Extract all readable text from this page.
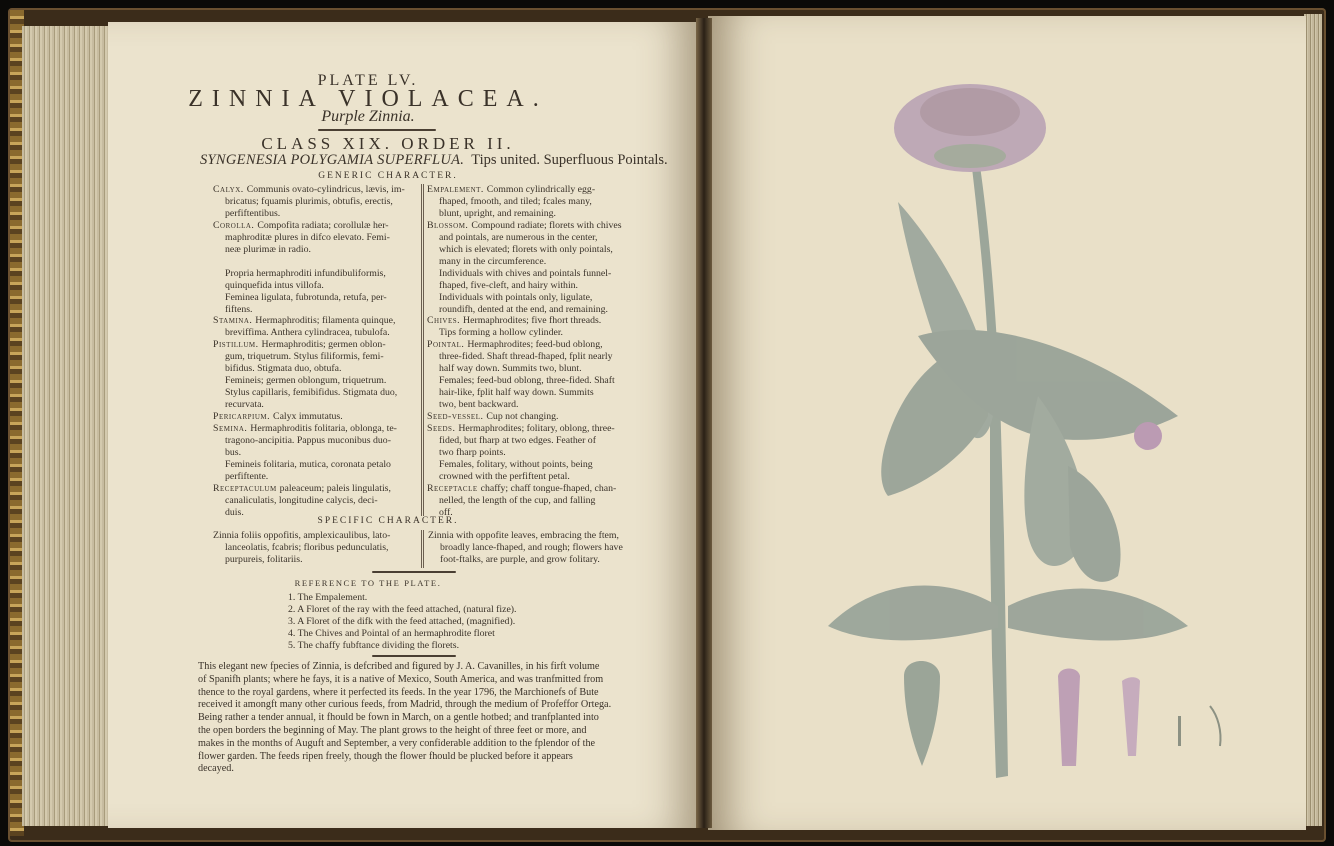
PLATE LV.
ZINNIA VIOLACEA.
Purple Zinnia.
CLASS XIX. ORDER II.
SYNGENESIA POLYGAMIA SUPERFLUA. Tips united. Superfluous Pointals.
GENERIC CHARACTER.

Calyx. Communis ovato-cylindricus, lævis, im-

bricatus; fquamis plurimis, obtufis, erectis,

perfiftentibus.

Corolla. Compofita radiata; corollulæ her-

maphroditæ plures in difco elevato. Femi-

neæ plurimæ in radio.

Propria hermaphroditi infundibuliformis,

quinquefida intus villofa.

Feminea ligulata, fubrotunda, retufa, per-

fiftens.

Stamina. Hermaphroditis; filamenta quinque,

breviffima. Anthera cylindracea, tubulofa.

Pistillum. Hermaphroditis; germen oblon-

gum, triquetrum. Stylus filiformis, femi-

bifidus. Stigmata duo, obtufa.

Femineis; germen oblongum, triquetrum.

Stylus capillaris, femibifidus. Stigmata duo,

recurvata.

Pericarpium. Calyx immutatus.

Semina. Hermaphroditis folitaria, oblonga, te-

tragono-ancipitia. Pappus muconibus duo-

bus.

Femineis folitaria, mutica, coronata petalo

perfiftente.

Receptaculum paleaceum; paleis lingulatis,

canaliculatis, longitudine calycis, deci-

duis.

Empalement. Common cylindrically egg-

fhaped, fmooth, and tiled; fcales many,

blunt, upright, and remaining.

Blossom. Compound radiate; florets with chives

and pointals, are numerous in the center,

which is elevated; florets with only pointals,

many in the circumference.

Individuals with chives and pointals funnel-

fhaped, five-cleft, and hairy within.

Individuals with pointals only, ligulate,

roundifh, dented at the end, and remaining.

Chives. Hermaphrodites; five fhort threads.

Tips forming a hollow cylinder.

Pointal. Hermaphrodites; feed-bud oblong,

three-fided. Shaft thread-fhaped, fplit nearly

half way down. Summits two, blunt.

Females; feed-bud oblong, three-fided. Shaft

hair-like, fplit half way down. Summits

two, bent backward.

Seed-vessel. Cup not changing.

Seeds. Hermaphrodites; folitary, oblong, three-

fided, but fharp at two edges. Feather of

two fharp points.

Females, folitary, without points, being

crowned with the perfiftent petal.

Receptacle chaffy; chaff tongue-fhaped, chan-

nelled, the length of the cup, and falling

off.

SPECIFIC CHARACTER.

Zinnia foliis oppofitis, amplexicaulibus, lato-

lanceolatis, fcabris; floribus pedunculatis,

purpureis, folitariis.

Zinnia with oppofite leaves, embracing the ftem,

broadly lance-fhaped, and rough; flowers have

foot-ftalks, are purple, and grow folitary.

REFERENCE TO THE PLATE.

1. The Empalement.

2. A Floret of the ray with the feed attached, (natural fize).

3. A Floret of the difk with the feed attached, (magnified).

4. The Chives and Pointal of an hermaphrodite floret

5. The chaffy fubftance dividing the florets.

This elegant new fpecies of Zinnia, is defcribed and figured by J. A. Cavanilles, in his firft volume
of Spanifh plants; where he fays, it is a native of Mexico, South America, and was tranfmitted from
thence to the royal gardens, where it perfected its feeds. In the year 1796, the Marchionefs of Bute
received it amongft many other curious feeds, from Madrid, through the medium of Profeffor Ortega.
Being rather a tender annual, it fhould be fown in March, on a gentle hotbed; and tranfplanted into
the open borders the beginning of May. The plant grows to the height of three feet or more, and
makes in the months of Auguft and September, a very confiderable addition to the fplendor of the
flower garden. The feeds ripen freely, though the flower fhould be plucked before it appears
decayed.
